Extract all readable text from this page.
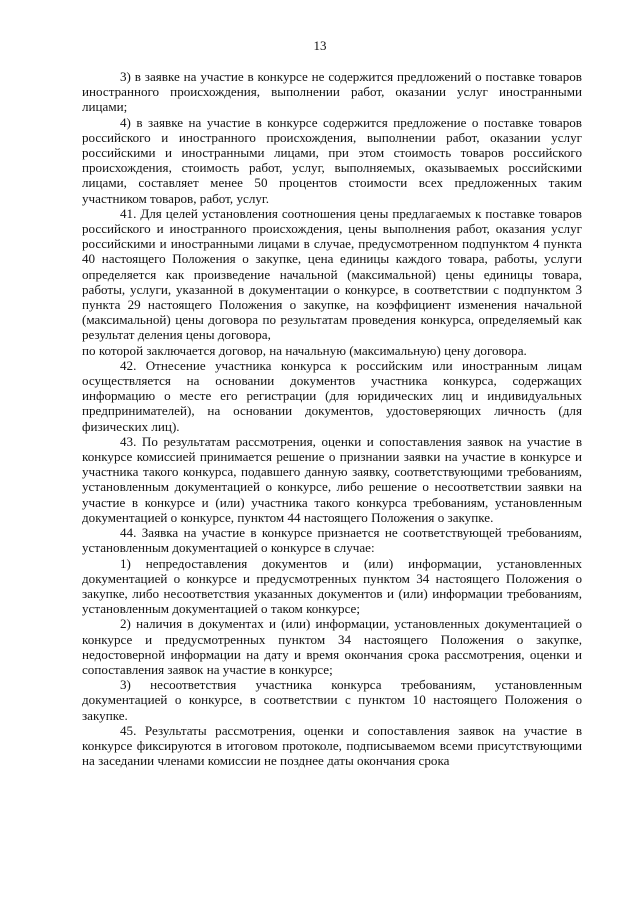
13

3) в заявке на участие в конкурсе не содержится предложений о поставке товаров иностранного происхождения, выполнении работ, оказании услуг иностранными лицами;

4) в заявке на участие в конкурсе содержится предложение о поставке товаров российского и иностранного происхождения, выполнении работ, оказании услуг российскими и иностранными лицами, при этом стоимость товаров российского происхождения, стоимость работ, услуг, выполняемых, оказываемых российскими лицами, составляет менее 50 процентов стоимости всех предложенных таким участником товаров, работ, услуг.

41. Для целей установления соотношения цены предлагаемых к поставке товаров российского и иностранного происхождения, цены выполнения работ, оказания услуг российскими и иностранными лицами в случае, предусмотренном подпунктом 4 пункта 40 настоящего Положения о закупке, цена единицы каждого товара, работы, услуги определяется как произведение начальной (максимальной) цены единицы товара, работы, услуги, указанной в документации о конкурсе, в соответствии с подпунктом 3 пункта 29 настоящего Положения о закупке, на коэффициент изменения начальной (максимальной) цены договора по результатам проведения конкурса, определяемый как результат деления цены договора,

по которой заключается договор, на начальную (максимальную) цену договора.

42. Отнесение участника конкурса к российским или иностранным лицам осуществляется на основании документов участника конкурса, содержащих информацию о месте его регистрации (для юридических лиц и индивидуальных предпринимателей), на основании документов, удостоверяющих личность (для физических лиц).

43. По результатам рассмотрения, оценки и сопоставления заявок на участие в конкурсе комиссией принимается решение о признании заявки на участие в конкурсе и участника такого конкурса, подавшего данную заявку, соответствующими требованиям, установленным документацией о конкурсе, либо решение о несоответствии заявки на участие в конкурсе и (или) участника такого конкурса требованиям, установленным документацией о конкурсе, пунктом 44 настоящего Положения о закупке.

44. Заявка на участие в конкурсе признается не соответствующей требованиям, установленным документацией о конкурсе в случае:

1) непредоставления документов и (или) информации, установленных документацией о конкурсе и предусмотренных пунктом 34 настоящего Положения о закупке, либо несоответствия указанных документов и (или) информации требованиям, установленным документацией о таком конкурсе;

2) наличия в документах и (или) информации, установленных документацией о конкурсе и предусмотренных пунктом 34 настоящего Положения о закупке, недостоверной информации на дату и время окончания срока рассмотрения, оценки и сопоставления заявок на участие в конкурсе;

3) несоответствия участника конкурса требованиям, установленным документацией о конкурсе, в соответствии с пунктом 10 настоящего Положения о закупке.

45. Результаты рассмотрения, оценки и сопоставления заявок на участие в конкурсе фиксируются в итоговом протоколе, подписываемом всеми присутствующими на заседании членами комиссии не позднее даты окончания срока
